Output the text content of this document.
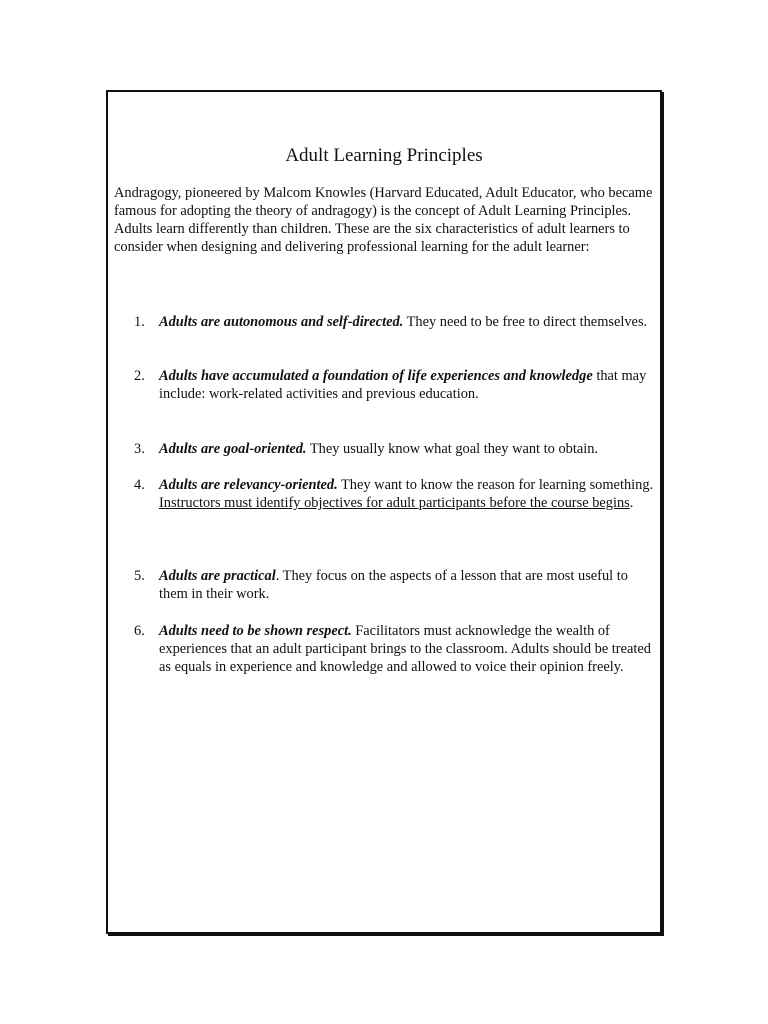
Adult Learning Principles

Andragogy, pioneered by Malcom Knowles (Harvard Educated, Adult Educator, who became famous for adopting the theory of andragogy) is the concept of Adult Learning Principles. Adults learn differently than children. These are the six characteristics of adult learners to consider when designing and delivering professional learning for the adult learner:

1. Adults are autonomous and self-directed. They need to be free to direct themselves.
2. Adults have accumulated a foundation of life experiences and knowledge that may include: work-related activities and previous education.
3. Adults are goal-oriented. They usually know what goal they want to obtain.
4. Adults are relevancy-oriented. They want to know the reason for learning something. Instructors must identify objectives for adult participants before the course begins.
5. Adults are practical. They focus on the aspects of a lesson that are most useful to them in their work.
6. Adults need to be shown respect. Facilitators must acknowledge the wealth of experiences that an adult participant brings to the classroom. Adults should be treated as equals in experience and knowledge and allowed to voice their opinion freely.
